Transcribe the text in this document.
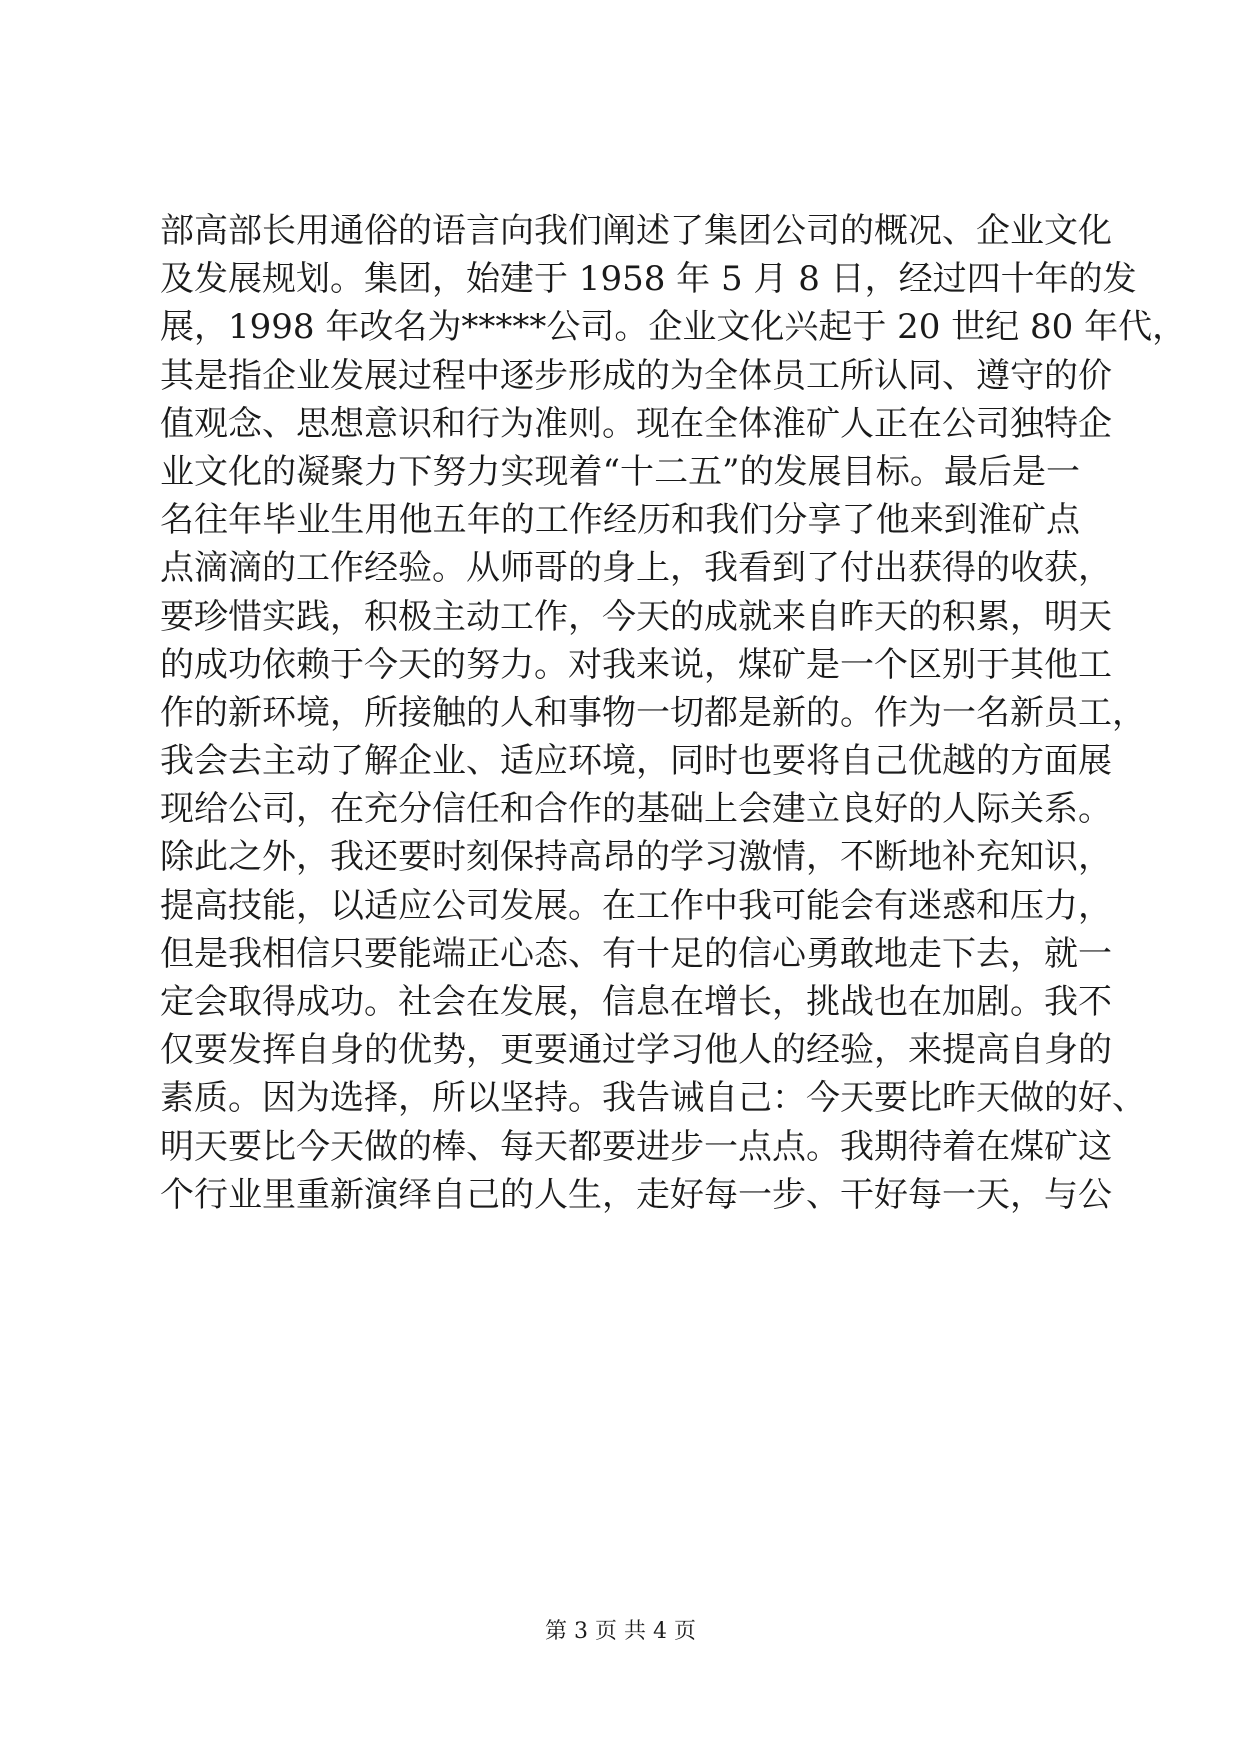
部高部长用通俗的语言向我们阐述了集团公司的概况、企业文化
及发展规划。集团，始建于 1958 年 5 月 8 日，经过四十年的发
展，1998 年改名为*****公司。企业文化兴起于 20 世纪 80 年代，
其是指企业发展过程中逐步形成的为全体员工所认同、遵守的价
值观念、思想意识和行为准则。现在全体淮矿人正在公司独特企
业文化的凝聚力下努力实现着“十二五”的发展目标。最后是一
名往年毕业生用他五年的工作经历和我们分享了他来到淮矿点
点滴滴的工作经验。从师哥的身上，我看到了付出获得的收获，
要珍惜实践，积极主动工作，今天的成就来自昨天的积累，明天
的成功依赖于今天的努力。对我来说，煤矿是一个区别于其他工
作的新环境，所接触的人和事物一切都是新的。作为一名新员工，
我会去主动了解企业、适应环境，同时也要将自己优越的方面展
现给公司，在充分信任和合作的基础上会建立良好的人际关系。
除此之外，我还要时刻保持高昂的学习激情，不断地补充知识，
提高技能，以适应公司发展。在工作中我可能会有迷惑和压力，
但是我相信只要能端正心态、有十足的信心勇敢地走下去，就一
定会取得成功。社会在发展，信息在增长，挑战也在加剧。我不
仅要发挥自身的优势，更要通过学习他人的经验，来提高自身的
素质。因为选择，所以坚持。我告诫自己：今天要比昨天做的好、
明天要比今天做的棒、每天都要进步一点点。我期待着在煤矿这
个行业里重新演绎自己的人生，走好每一步、干好每一天，与公
第 3 页 共 4 页
